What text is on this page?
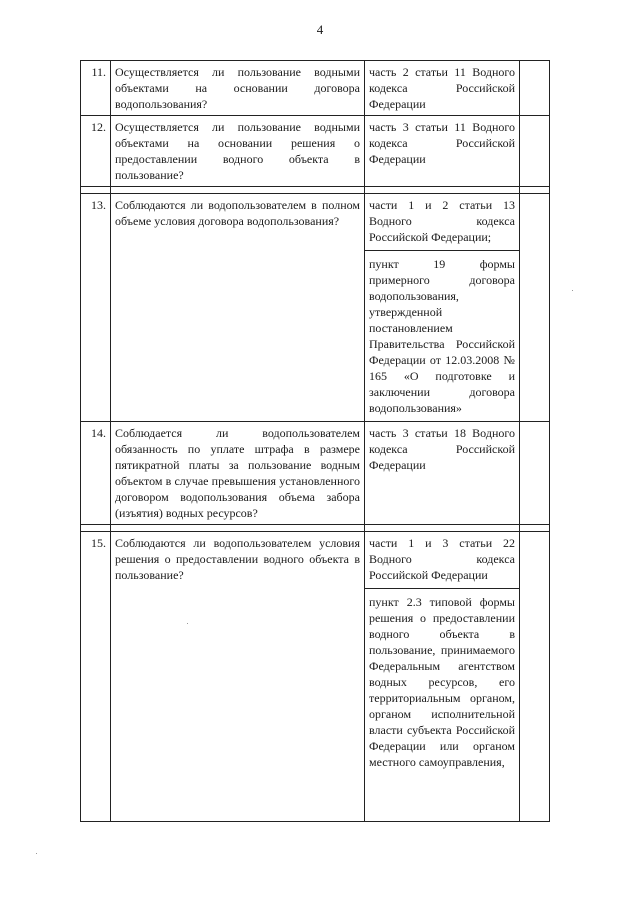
4
11.	Осуществляется ли пользование водными объектами на основании договора водопользования?	часть 2 статьи 11 Водного кодекса Российской Федерации	

12.	Осуществляется ли пользование водными объектами на основании решения о предоставлении водного объекта в пользование?	часть 3 статьи 11 Водного кодекса Российской Федерации	

13.	Соблюдаются ли водопользователем в полном объеме условия договора водопользования?	части 1 и 2 статьи 13 Водного кодекса Российской Федерации;
пункт 19 формы примерного договора водопользования, утвержденной постановлением Правительства Российской Федерации от 12.03.2008 № 165 «О подготовке и заключении договора водопользования»	

14.	Соблюдается ли водопользователем обязанность по уплате штрафа в размере пятикратной платы за пользование водным объектом в случае превышения установленного договором водопользования объема забора (изъятия) водных ресурсов?	часть 3 статьи 18 Водного кодекса Российской Федерации	

15.	Соблюдаются ли водопользователем условия решения о предоставлении водного объекта в пользование?	части 1 и 3 статьи 22 Водного кодекса Российской Федерации
пункт 2.3 типовой формы решения о предоставлении водного объекта в пользование, принимаемого Федеральным агентством водных ресурсов, его территориальным органом, органом исполнительной власти субъекта Российской Федерации или органом местного самоуправления,	
